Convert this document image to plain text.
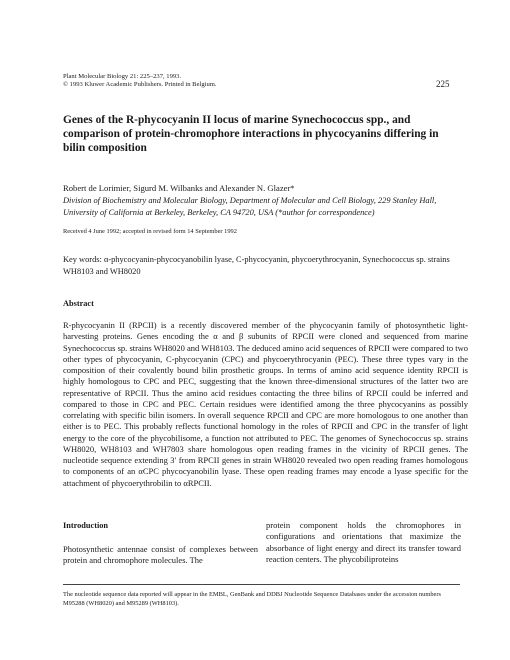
Plant Molecular Biology 21: 225–237, 1993.
© 1993 Kluwer Academic Publishers. Printed in Belgium.	225
Genes of the R-phycocyanin II locus of marine Synechococcus spp., and comparison of protein-chromophore interactions in phycocyanins differing in bilin composition
Robert de Lorimier, Sigurd M. Wilbanks and Alexander N. Glazer*
Division of Biochemistry and Molecular Biology, Department of Molecular and Cell Biology, 229 Stanley Hall, University of California at Berkeley, Berkeley, CA 94720, USA (*author for correspondence)
Received 4 June 1992; accepted in revised form 14 September 1992
Key words: α-phycocyanin-phycocyanobilin lyase, C-phycocyanin, phycoerythrocyanin, Synechococcus sp. strains WH8103 and WH8020
Abstract
R-phycocyanin II (RPCII) is a recently discovered member of the phycocyanin family of photosynthetic light-harvesting proteins. Genes encoding the α and β subunits of RPCII were cloned and sequenced from marine Synechococcus sp. strains WH8020 and WH8103. The deduced amino acid sequences of RPCII were compared to two other types of phycocyanin, C-phycocyanin (CPC) and phycoerythrocyanin (PEC). These three types vary in the composition of their covalently bound bilin prosthetic groups. In terms of amino acid sequence identity RPCII is highly homologous to CPC and PEC, suggesting that the known three-dimensional structures of the latter two are representative of RPCII. Thus the amino acid residues contacting the three bilins of RPCII could be inferred and compared to those in CPC and PEC. Certain residues were identified among the three phycocyanins as possibly correlating with specific bilin isomers. In overall sequence RPCII and CPC are more homologous to one another than either is to PEC. This probably reflects functional homology in the roles of RPCII and CPC in the transfer of light energy to the core of the phycobilisome, a function not attributed to PEC. The genomes of Synechococcus sp. strains WH8020, WH8103 and WH7803 share homologous open reading frames in the vicinity of RPCII genes. The nucleotide sequence extending 3′ from RPCII genes in strain WH8020 revealed two open reading frames homologous to components of an αCPC phycocyanobilin lyase. These open reading frames may encode a lyase specific for the attachment of phycoerythrobilin to αRPCII.
Introduction
Photosynthetic antennae consist of complexes between protein and chromophore molecules. The
protein component holds the chromophores in configurations and orientations that maximize the absorbance of light energy and direct its transfer toward reaction centers. The phycobiliproteins
The nucleotide sequence data reported will appear in the EMBL, GenBank and DDBJ Nucleotide Sequence Databases under the accession numbers M95288 (WH8020) and M95289 (WH8103).
